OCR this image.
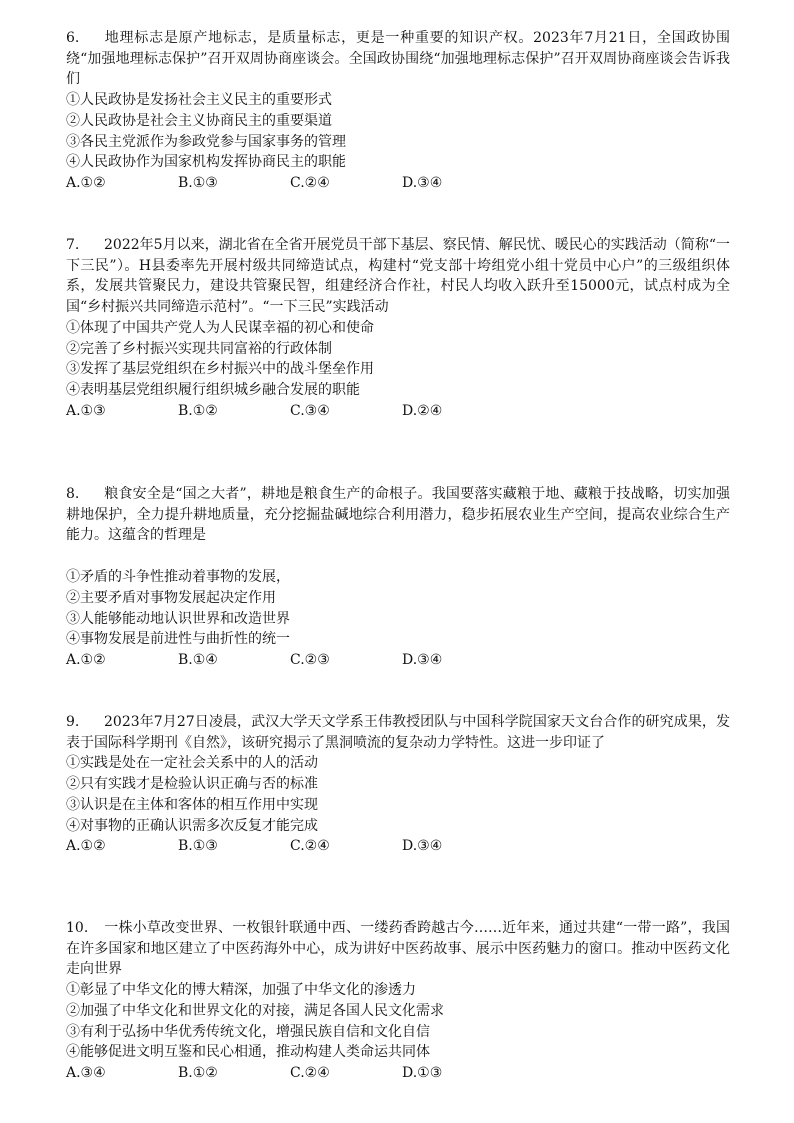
6. 地理标志是原产地标志，是质量标志，更是一种重要的知识产权。2023年7月21日，全国政协围绕“加强地理标志保护”召开双周协商座谈会。全国政协围绕“加强地理标志保护”召开双周协商座谈会告诉我们

①人民政协是发扬社会主义民主的重要形式

②人民政协是社会主义协商民主的重要渠道

③各民主党派作为参政党参与国家事务的管理

④人民政协作为国家机构发挥协商民主的职能

A.①②	B.①③	C.②④	D.③④

7. 2022年5月以来，湖北省在全省开展党员干部下基层、察民情、解民忧、暖民心的实践活动（简称“一下三民”）。H县委率先开展村级共同缔造试点，构建村“党支部十垮组党小组十党员中心户”的三级组织体系，发展共管聚民力，建设共管聚民智，组建经济合作社，村民人均收入跃升至15000元，试点村成为全国“乡村振兴共同缔造示范村”。“一下三民”实践活动

①体现了中国共产党人为人民谋幸福的初心和使命

②完善了乡村振兴实现共同富裕的行政体制

③发挥了基层党组织在乡村振兴中的战斗堡垒作用

④表明基层党组织履行组织城乡融合发展的职能

A.①③	B.①②	C.③④	D.②④

8. 粮食安全是“国之大者”，耕地是粮食生产的命根子。我国要落实藏粮于地、藏粮于技战略，切实加强耕地保护，全力提升耕地质量，充分挖掘盐碱地综合利用潜力，稳步拓展农业生产空间，提高农业综合生产能力。这蕴含的哲理是

①矛盾的斗争性推动着事物的发展，

②主要矛盾对事物发展起决定作用

③人能够能动地认识世界和改造世界

④事物发展是前进性与曲折性的统一

A.①②	B.①④	C.②③	D.③④

9. 2023年7月27日凌晨，武汉大学天文学系王伟教授团队与中国科学院国家天文台合作的研究成果，发表于国际科学期刊《自然》，该研究揭示了黑洞喷流的复杂动力学特性。这进一步印证了

①实践是处在一定社会关系中的人的活动

②只有实践才是检验认识正确与否的标准

③认识是在主体和客体的相互作用中实现

④对事物的正确认识需多次反复才能完成

A.①②	B.①③	C.②④	D.③④

10. 一株小草改变世界、一枚银针联通中西、一缕药香跨越古今……近年来，通过共建“一带一路”，我国在许多国家和地区建立了中医药海外中心，成为讲好中医药故事、展示中医药魅力的窗口。推动中医药文化走向世界

①彰显了中华文化的博大精深，加强了中华文化的渗透力

②加强了中华文化和世界文化的对接，满足各国人民文化需求

③有利于弘扬中华优秀传统文化，增强民族自信和文化自信

④能够促进文明互鉴和民心相通，推动构建人类命运共同体

A.③④	B.①②	C.②④	D.①③
